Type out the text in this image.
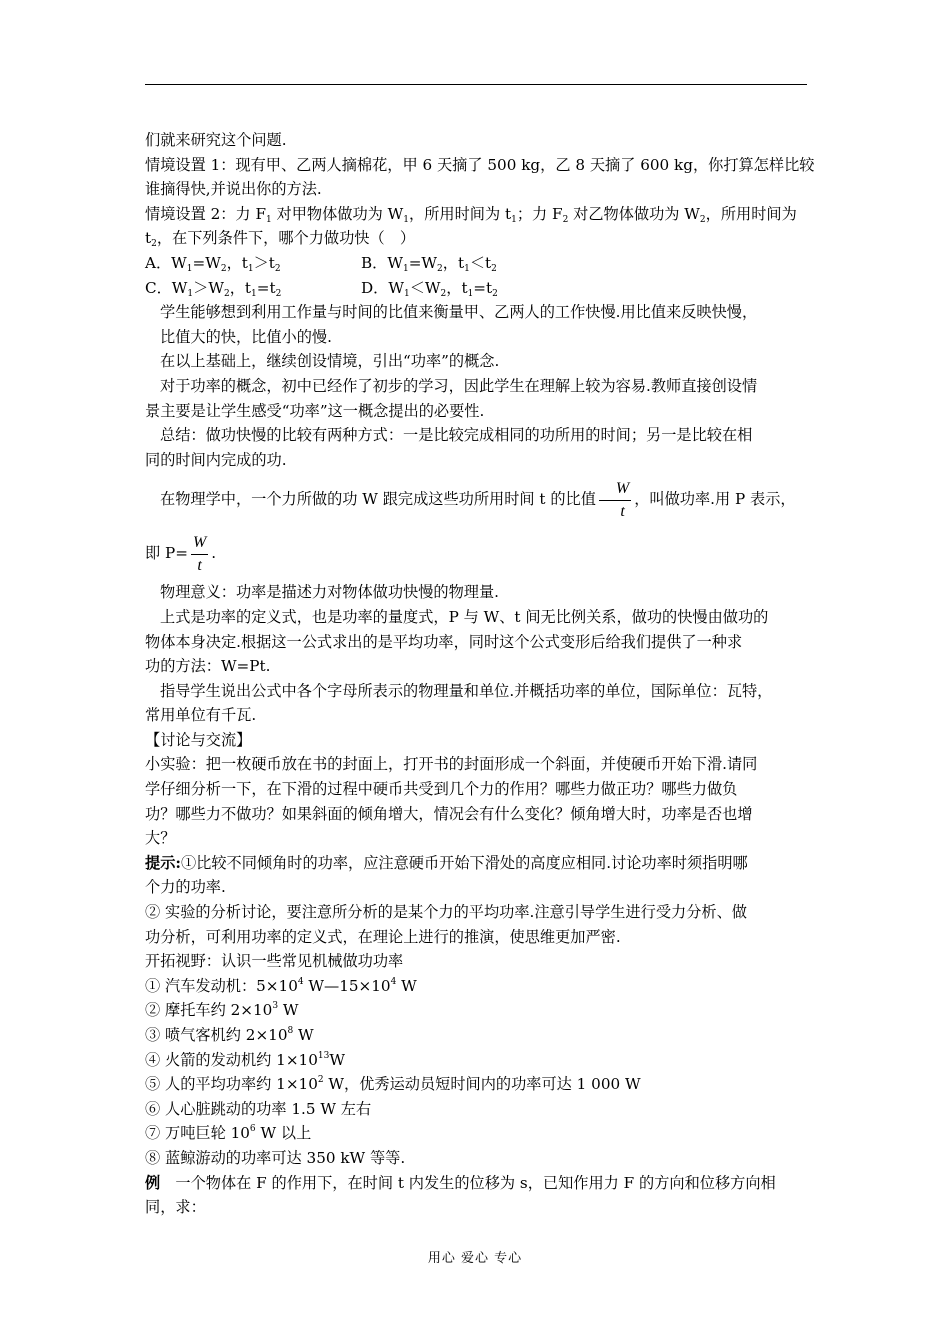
们就来研究这个问题.

情境设置 1：现有甲、乙两人摘棉花，甲 6 天摘了 500 kg，乙 8 天摘了 600 kg，你打算怎样比较

谁摘得快,并说出你的方法.

情境设置 2：力 $F_1$ 对甲物体做功为 $W_1$，所用时间为 $t_1$；力 $F_2$ 对乙物体做功为 $W_2$，所用时间为

$t_2$，在下列条件下，哪个力做功快（　）

A．$W_1=W_2$，$t_1>t_2$	B．$W_1=W_2$，$t_1<t_2$

C．$W_1>W_2$，$t_1=t_2$	D．$W_1<W_2$，$t_1=t_2$

学生能够想到利用工作量与时间的比值来衡量甲、乙两人的工作快慢.用比值来反映快慢，

比值大的快，比值小的慢.

在以上基础上，继续创设情境，引出“功率”的概念.

对于功率的概念，初中已经作了初步的学习，因此学生在理解上较为容易.教师直接创设情

景主要是让学生感受“功率”这一概念提出的必要性.

总结：做功快慢的比较有两种方式：一是比较完成相同的功所用的时间；另一是比较在相

同的时间内完成的功.

在物理学中，一个力所做的功 W 跟完成这些功所用时间 t 的比值 $\frac{W}{t}$ ，叫做功率.用 P 表示，

即 $P= \frac{W}{t}$ .

物理意义：功率是描述力对物体做功快慢的物理量.

上式是功率的定义式，也是功率的量度式，P 与 W、t 间无比例关系，做功的快慢由做功的

物体本身决定.根据这一公式求出的是平均功率，同时这个公式变形后给我们提供了一种求

功的方法：W=Pt.

指导学生说出公式中各个字母所表示的物理量和单位.并概括功率的单位，国际单位：瓦特，

常用单位有千瓦.

【讨论与交流】

小实验：把一枚硬币放在书的封面上，打开书的封面形成一个斜面，并使硬币开始下滑.请同

学仔细分析一下，在下滑的过程中硬币共受到几个力的作用？哪些力做正功？哪些力做负

功？哪些力不做功？如果斜面的倾角增大，情况会有什么变化？倾角增大时，功率是否也增

大？

提示:①比较不同倾角时的功率，应注意硬币开始下滑处的高度应相同.讨论功率时须指明哪

个力的功率.

② 实验的分析讨论，要注意所分析的是某个力的平均功率.注意引导学生进行受力分析、做

功分析，可利用功率的定义式，在理论上进行的推演，使思维更加严密.

开拓视野：认识一些常见机械做功功率

① 汽车发动机：$5\times 10^4$ $W—15\times 10^4$ W

② 摩托车约 $2\times 10^3$ W

③ 喷气客机约 $2\times 10^8$ W

④ 火箭的发动机约 $1\times 10^{13}W$

⑤ 人的平均功率约 $1\times 10^2$ W，优秀运动员短时间内的功率可达 1 000 W

⑥ 人心脏跳动的功率 1.5 W 左右

⑦ 万吨巨轮 $10^6$ W 以上

⑧ 蓝鲸游动的功率可达 350 kW 等等.

例　一个物体在 F 的作用下，在时间 t 内发生的位移为 s，已知作用力 F 的方向和位移方向相

同，求：

用心 爱心 专心
